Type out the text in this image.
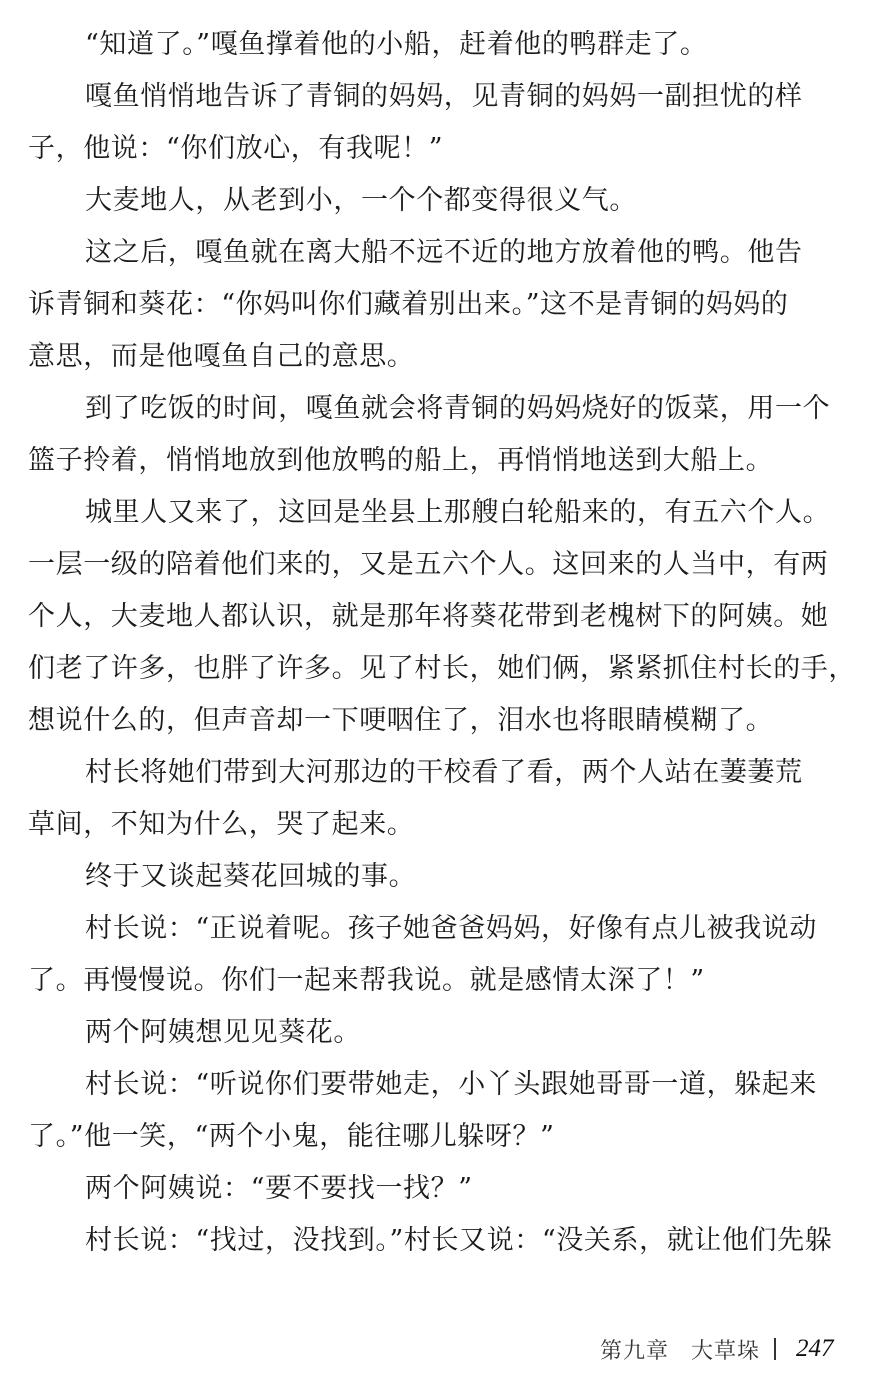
“知道了。”嘎鱼撑着他的小船，赶着他的鸭群走了。
嘎鱼悄悄地告诉了青铜的妈妈，见青铜的妈妈一副担忧的样
子，他说：“你们放心，有我呢！”
大麦地人，从老到小，一个个都变得很义气。
这之后，嘎鱼就在离大船不远不近的地方放着他的鸭。他告
诉青铜和葵花：“你妈叫你们藏着别出来。”这不是青铜的妈妈的
意思，而是他嘎鱼自己的意思。
到了吃饭的时间，嘎鱼就会将青铜的妈妈烧好的饭菜，用一个
篮子拎着，悄悄地放到他放鸭的船上，再悄悄地送到大船上。
城里人又来了，这回是坐县上那艘白轮船来的，有五六个人。
一层一级的陪着他们来的，又是五六个人。这回来的人当中，有两
个人，大麦地人都认识，就是那年将葵花带到老槐树下的阿姨。她
们老了许多，也胖了许多。见了村长，她们俩，紧紧抓住村长的手，
想说什么的，但声音却一下哽咽住了，泪水也将眼睛模糊了。
村长将她们带到大河那边的干校看了看，两个人站在萋萋荒
草间，不知为什么，哭了起来。
终于又谈起葵花回城的事。
村长说：“正说着呢。孩子她爸爸妈妈，好像有点儿被我说动
了。再慢慢说。你们一起来帮我说。就是感情太深了！”
两个阿姨想见见葵花。
村长说：“听说你们要带她走，小丫头跟她哥哥一道，躲起来
了。”他一笑，“两个小鬼，能往哪儿躲呀？”
两个阿姨说：“要不要找一找？”
村长说：“找过，没找到。”村长又说：“没关系，就让他们先躲
第九章 大草垛 247
